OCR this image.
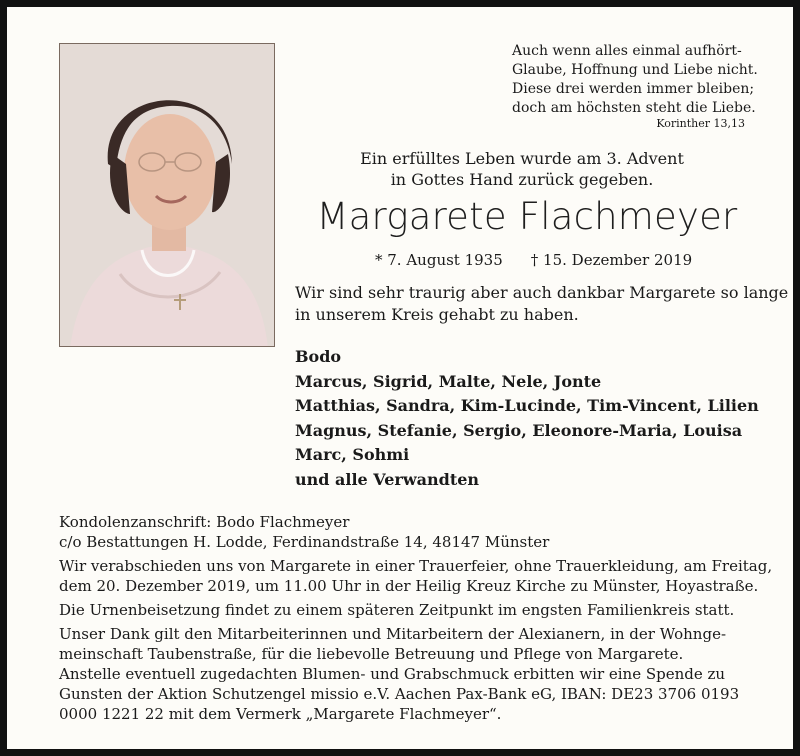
Auch wenn alles einmal aufhört-
Glaube, Hoffnung und Liebe nicht.
Diese drei werden immer bleiben;
doch am höchsten steht die Liebe.
Korinther 13,13
Ein erfülltes Leben wurde am 3. Advent
in Gottes Hand zurück gegeben.
Margarete Flachmeyer
* 7. August 1935 † 15. Dezember 2019
Wir sind sehr traurig aber auch dankbar Margarete so lange
in unserem Kreis gehabt zu haben.
Bodo
Marcus, Sigrid, Malte, Nele, Jonte
Matthias, Sandra, Kim-Lucinde, Tim-Vincent, Lilien
Magnus, Stefanie, Sergio, Eleonore-Maria, Louisa
Marc, Sohmi
und alle Verwandten
Kondolenzanschrift: Bodo Flachmeyer
c/o Bestattungen H. Lodde, Ferdinandstraße 14, 48147 Münster
Wir verabschieden uns von Margarete in einer Trauerfeier, ohne Trauerkleidung, am Freitag,
dem 20. Dezember 2019, um 11.00 Uhr in der Heilig Kreuz Kirche zu Münster, Hoyastraße.
Die Urnenbeisetzung findet zu einem späteren Zeitpunkt im engsten Familienkreis statt.
Unser Dank gilt den Mitarbeiterinnen und Mitarbeitern der Alexianern, in der Wohnge-
meinschaft Taubenstraße, für die liebevolle Betreuung und Pflege von Margarete.
Anstelle eventuell zugedachten Blumen- und Grabschmuck erbitten wir eine Spende zu
Gunsten der Aktion Schutzengel missio e.V. Aachen Pax-Bank eG, IBAN: DE23 3706 0193
0000 1221 22 mit dem Vermerk „Margarete Flachmeyer“.
